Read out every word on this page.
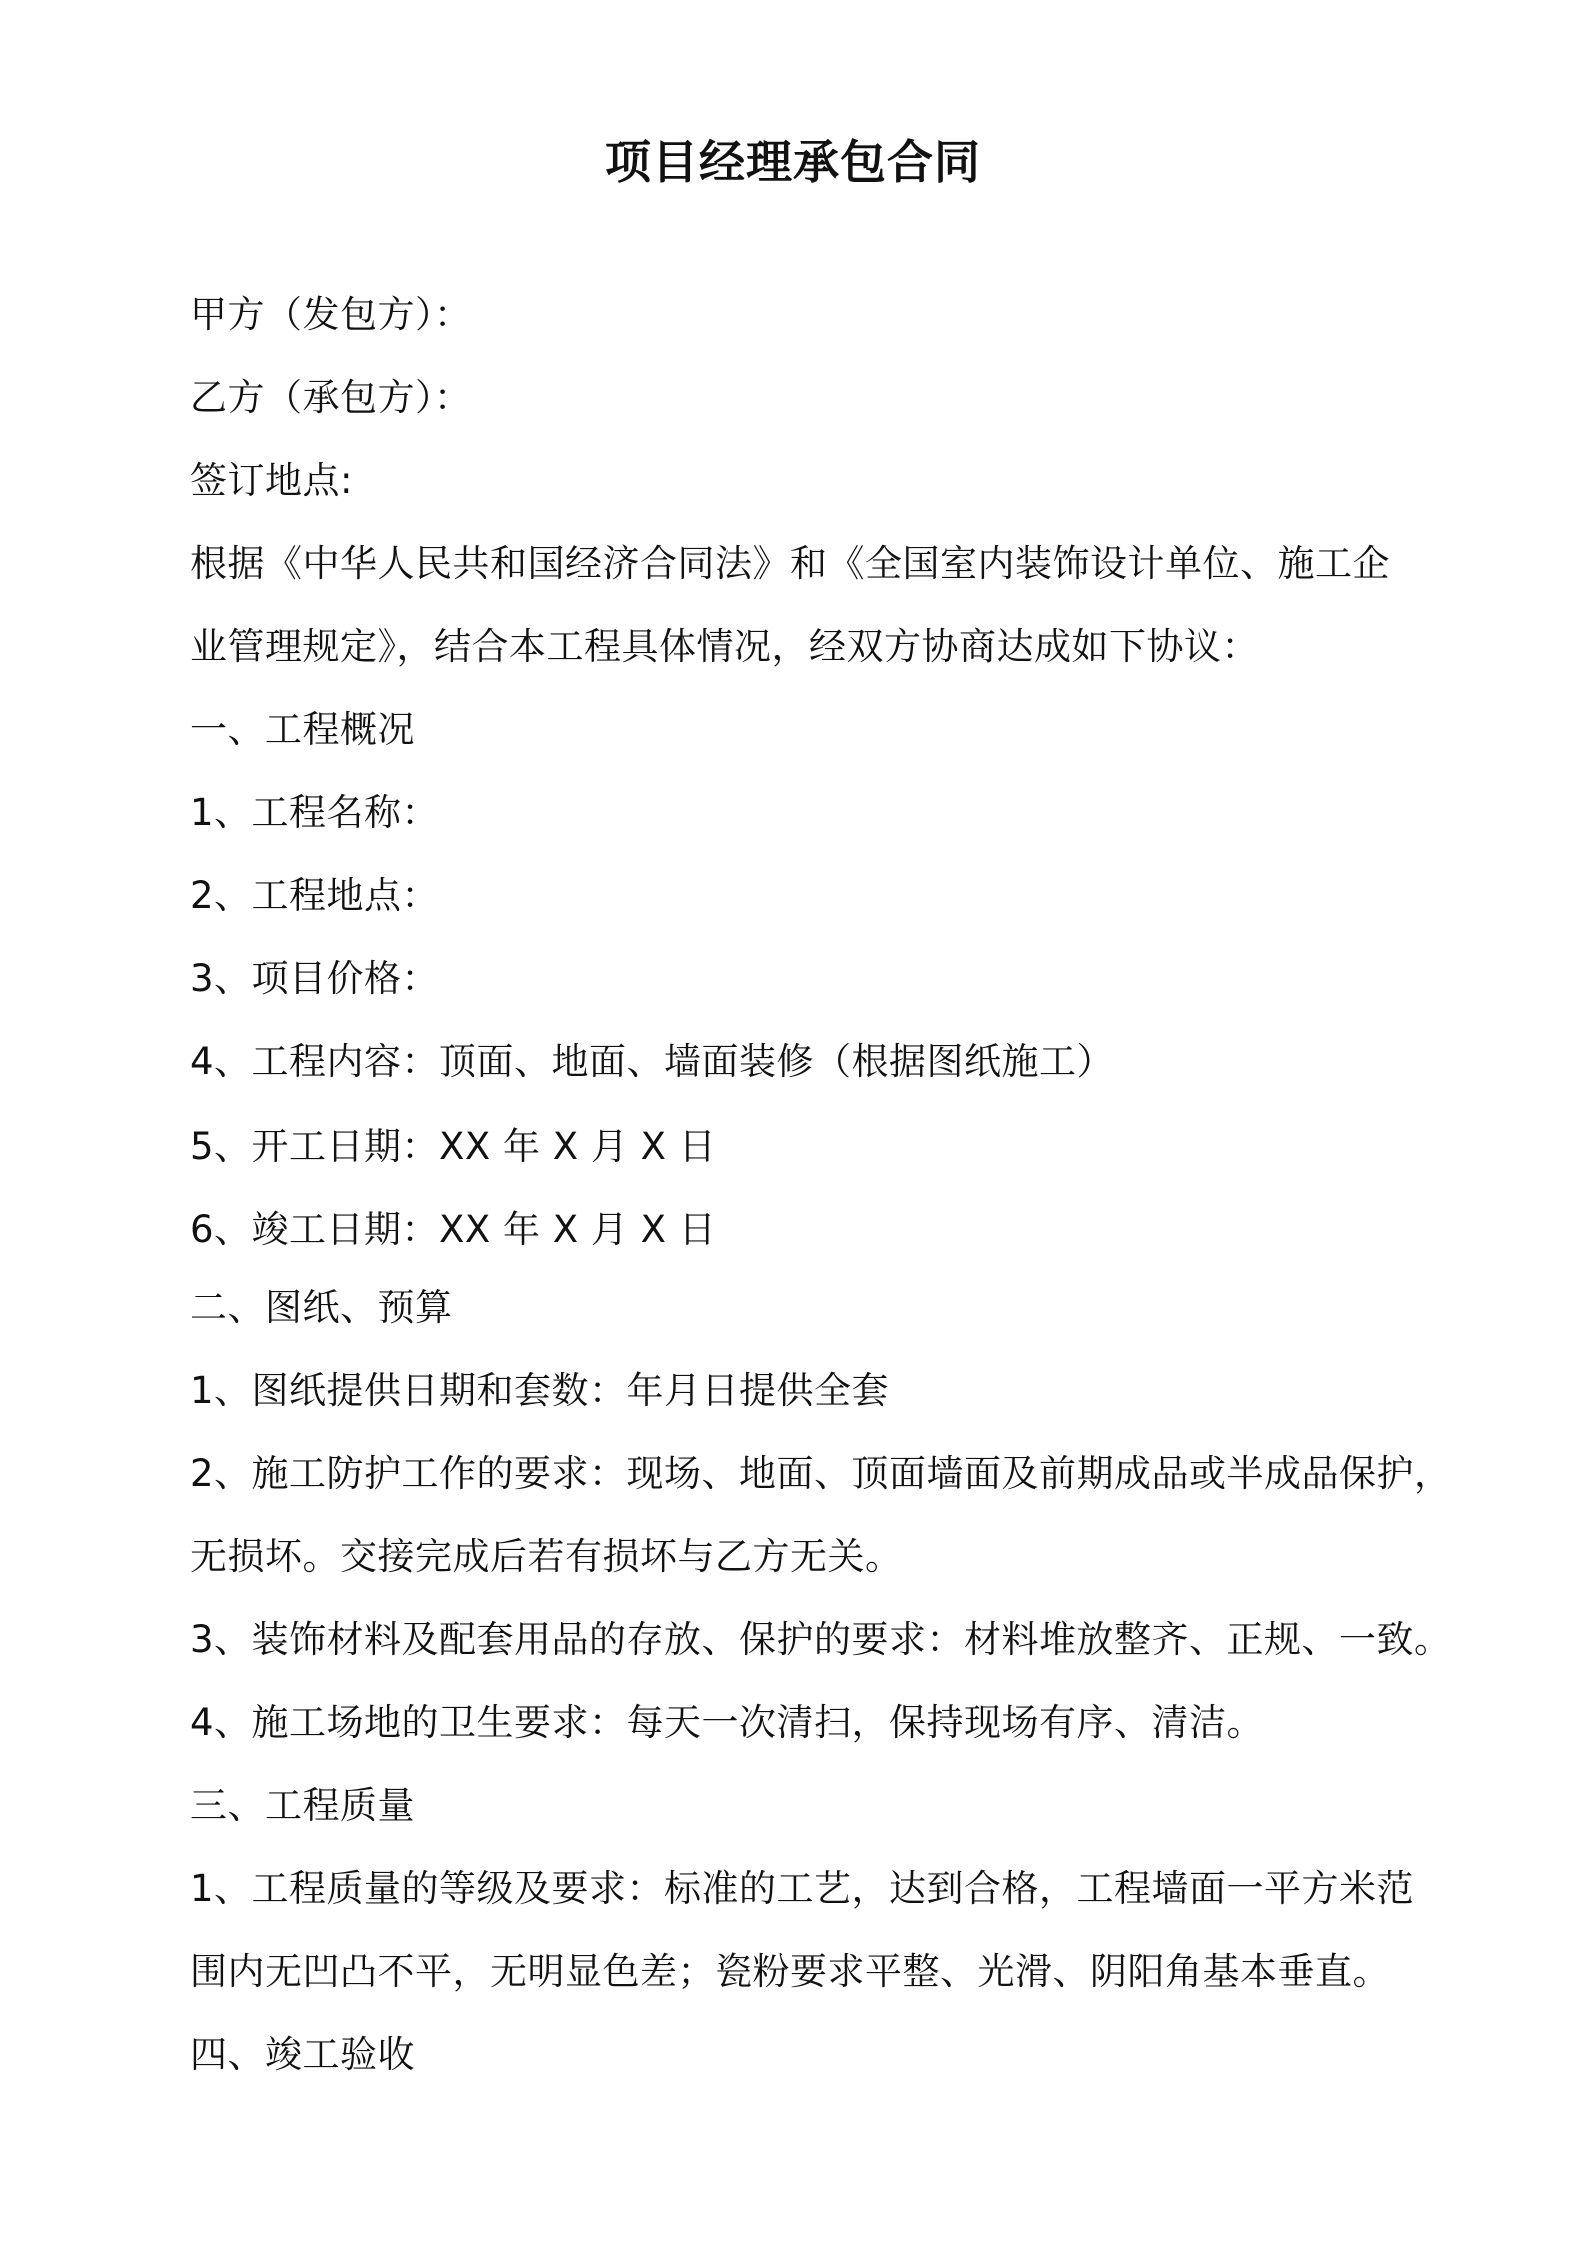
项目经理承包合同
甲方（发包方）：
乙方（承包方）：
签订地点:
根据《中华人民共和国经济合同法》和《全国室内装饰设计单位、施工企
业管理规定》，结合本工程具体情况，经双方协商达成如下协议：
一、工程概况
1、工程名称：
2、工程地点：
3、项目价格：
4、工程内容：顶面、地面、墙面装修（根据图纸施工）
5、开工日期：XX 年 X 月 X 日
6、竣工日期：XX 年 X 月 X 日
二、图纸、预算
1、图纸提供日期和套数：年月日提供全套
2、施工防护工作的要求：现场、地面、顶面墙面及前期成品或半成品保护，
无损坏。交接完成后若有损坏与乙方无关。
3、装饰材料及配套用品的存放、保护的要求：材料堆放整齐、正规、一致。
4、施工场地的卫生要求：每天一次清扫，保持现场有序、清洁。
三、工程质量
1、工程质量的等级及要求：标准的工艺，达到合格，工程墙面一平方米范
围内无凹凸不平，无明显色差；瓷粉要求平整、光滑、阴阳角基本垂直。
四、竣工验收
